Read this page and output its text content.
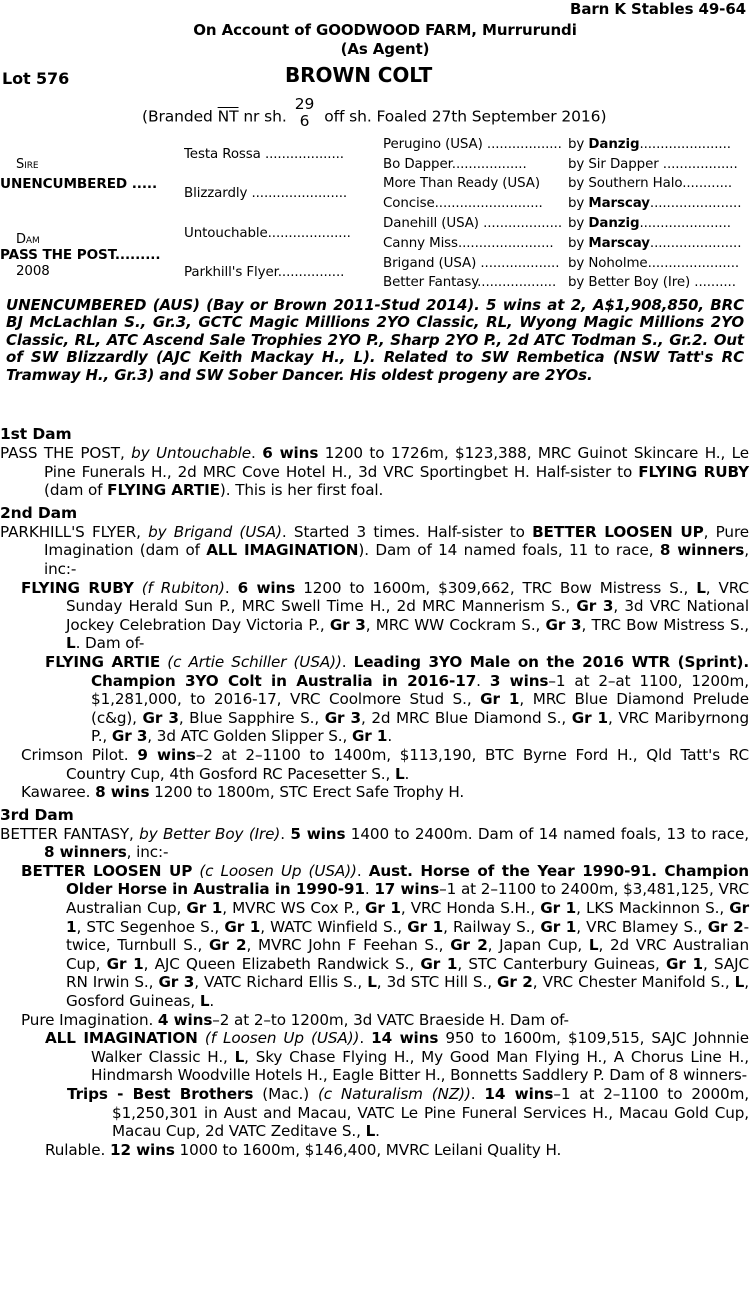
Barn K Stables 49-64
On Account of GOODWOOD FARM, Murrurundi
(As Agent)
Lot 576	BROWN COLT
(Branded $\overline{NT}$ nr sh.29
6 off sh. Foaled 27th September 2016)
Sire
UNENCUMBERED .....
Dam
PASS THE POST.........
2008
Testa Rossa ...................
Blizzardly .......................
Untouchable....................
Parkhill's Flyer................
Perugino (USA) ..................
Bo Dapper..................
More Than Ready (USA)
Concise..........................
Danehill (USA) ...................
Canny Miss.......................
Brigand (USA) ...................
Better Fantasy...................
by Danzig......................
by Sir Dapper ..................
by Southern Halo............
by Marscay......................
by Danzig......................
by Marscay......................
by Noholme......................
by Better Boy (Ire) ..........
UNENCUMBERED (AUS) (Bay or Brown 2011-Stud 2014). 5 wins at 2, A$1,908,850, BRC BJ McLachlan S., Gr.3, GCTC Magic Millions 2YO Classic, RL, Wyong Magic Millions 2YO Classic, RL, ATC Ascend Sale Trophies 2YO P., Sharp 2YO P., 2d ATC Todman S., Gr.2. Out of SW Blizzardly (AJC Keith Mackay H., L). Related to SW Rembetica (NSW Tatt's RC Tramway H., Gr.3) and SW Sober Dancer. His oldest progeny are 2YOs.
1st Dam

PASS THE POST, by Untouchable. 6 wins 1200 to 1726m, $123,388, MRC Guinot Skincare H., Le Pine Funerals H., 2d MRC Cove Hotel H., 3d VRC Sportingbet H. Half-sister to FLYING RUBY (dam of FLYING ARTIE). This is her first foal.

2nd Dam

PARKHILL'S FLYER, by Brigand (USA). Started 3 times. Half-sister to BETTER LOOSEN UP, Pure Imagination (dam of ALL IMAGINATION). Dam of 14 named foals, 11 to race, 8 winners, inc:-

FLYING RUBY (f Rubiton). 6 wins 1200 to 1600m, $309,662, TRC Bow Mistress S., L, VRC Sunday Herald Sun P., MRC Swell Time H., 2d MRC Mannerism S., Gr 3, 3d VRC National Jockey Celebration Day Victoria P., Gr 3, MRC WW Cockram S., Gr 3, TRC Bow Mistress S., L. Dam of-

FLYING ARTIE (c Artie Schiller (USA)). Leading 3YO Male on the 2016 WTR (Sprint). Champion 3YO Colt in Australia in 2016-17. 3 wins–1 at 2–at 1100, 1200m, $1,281,000, to 2016-17, VRC Coolmore Stud S., Gr 1, MRC Blue Diamond Prelude (c&g), Gr 3, Blue Sapphire S., Gr 3, 2d MRC Blue Diamond S., Gr 1, VRC Maribyrnong P., Gr 3, 3d ATC Golden Slipper S., Gr 1.

Crimson Pilot. 9 wins–2 at 2–1100 to 1400m, $113,190, BTC Byrne Ford H., Qld Tatt's RC Country Cup, 4th Gosford RC Pacesetter S., L.

Kawaree. 8 wins 1200 to 1800m, STC Erect Safe Trophy H.

3rd Dam

BETTER FANTASY, by Better Boy (Ire). 5 wins 1400 to 2400m. Dam of 14 named foals, 13 to race, 8 winners, inc:-

BETTER LOOSEN UP (c Loosen Up (USA)). Aust. Horse of the Year 1990-91. Champion Older Horse in Australia in 1990-91. 17 wins–1 at 2–1100 to 2400m, $3,481,125, VRC Australian Cup, Gr 1, MVRC WS Cox P., Gr 1, VRC Honda S.H., Gr 1, LKS Mackinnon S., Gr 1, STC Segenhoe S., Gr 1, WATC Winfield S., Gr 1, Railway S., Gr 1, VRC Blamey S., Gr 2-twice, Turnbull S., Gr 2, MVRC John F Feehan S., Gr 2, Japan Cup, L, 2d VRC Australian Cup, Gr 1, AJC Queen Elizabeth Randwick S., Gr 1, STC Canterbury Guineas, Gr 1, SAJC RN Irwin S., Gr 3, VATC Richard Ellis S., L, 3d STC Hill S., Gr 2, VRC Chester Manifold S., L, Gosford Guineas, L.

Pure Imagination. 4 wins–2 at 2–to 1200m, 3d VATC Braeside H. Dam of-

ALL IMAGINATION (f Loosen Up (USA)). 14 wins 950 to 1600m, $109,515, SAJC Johnnie Walker Classic H., L, Sky Chase Flying H., My Good Man Flying H., A Chorus Line H., Hindmarsh Woodville Hotels H., Eagle Bitter H., Bonnetts Saddlery P. Dam of 8 winners-

Trips - Best Brothers (Mac.) (c Naturalism (NZ)). 14 wins–1 at 2–1100 to 2000m, $1,250,301 in Aust and Macau, VATC Le Pine Funeral Services H., Macau Gold Cup, Macau Cup, 2d VATC Zeditave S., L.

Rulable. 12 wins 1000 to 1600m, $146,400, MVRC Leilani Quality H.
